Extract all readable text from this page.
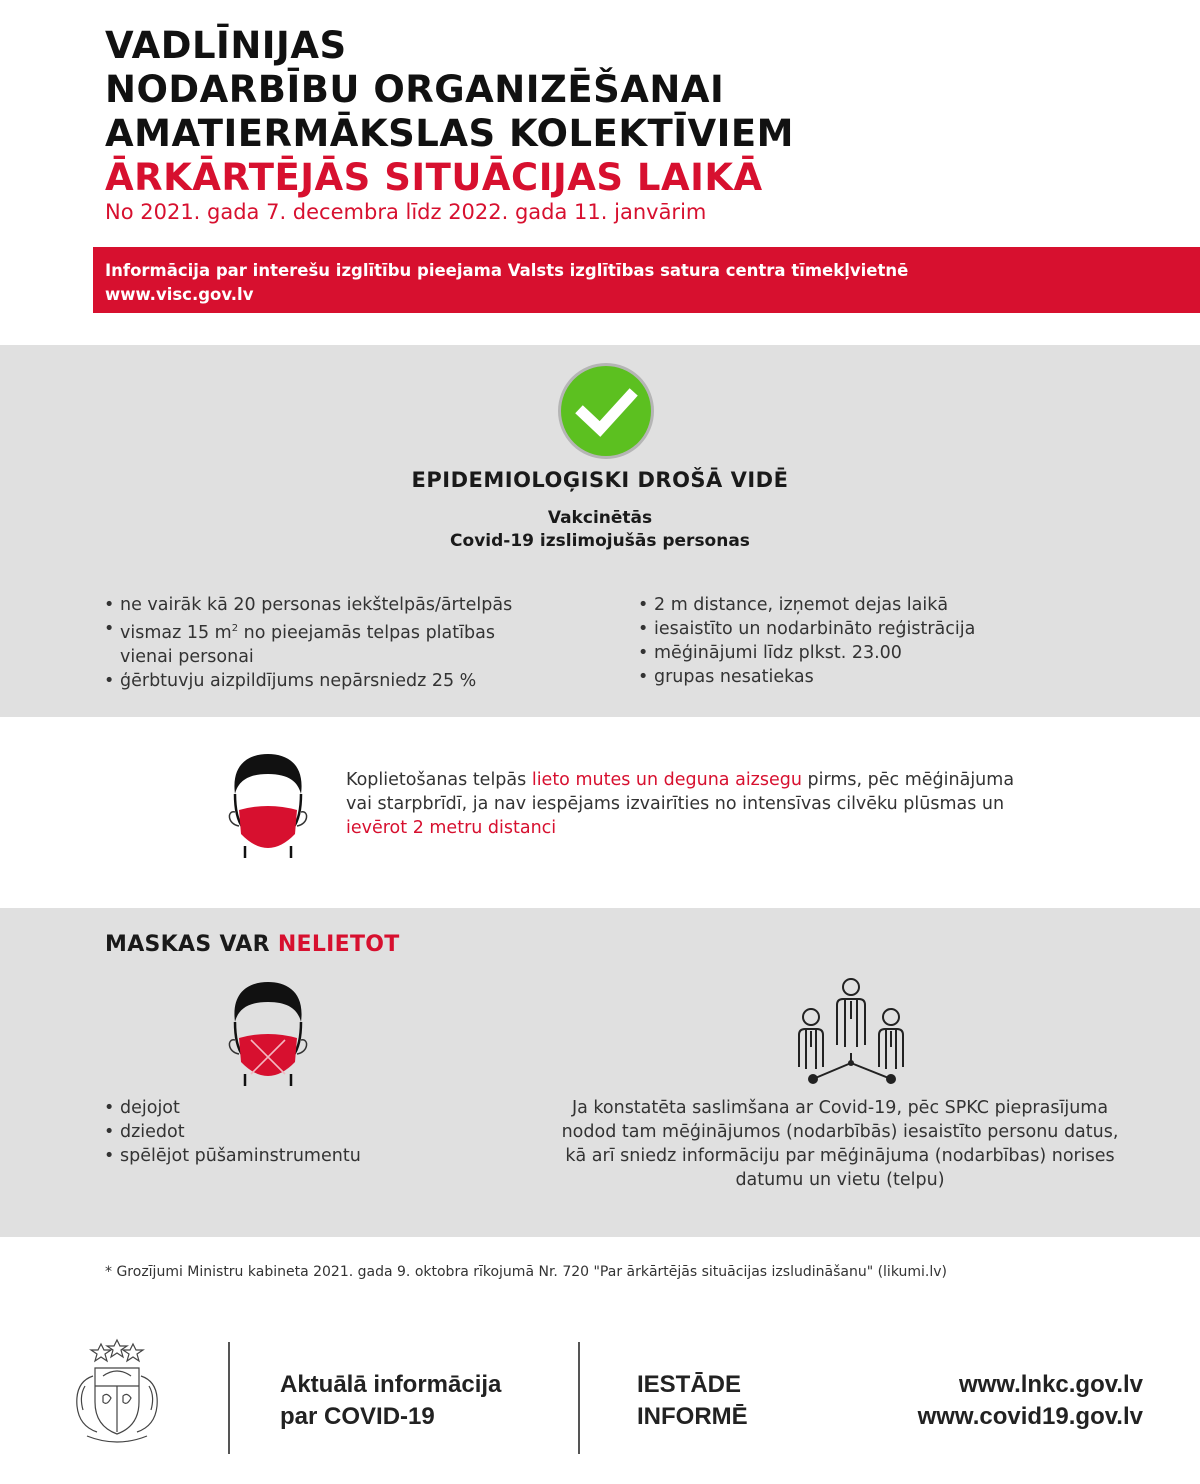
VADLĪNIJAS
NODARBĪBU ORGANIZĒŠANAI
AMATIERMĀKSLAS KOLEKTĪVIEM
ĀRKĀRTĒJĀS SITUĀCIJAS LAIKĀ
No 2021. gada 7. decembra līdz 2022. gada 11. janvārim
Informācija par interešu izglītību pieejama Valsts izglītības satura centra tīmekļvietnē
www.visc.gov.lv
EPIDEMIOLOĢISKI DROŠĀ VIDĒ
Vakcinētās
Covid-19 izslimojušās personas
• ne vairāk kā 20 personas iekštelpās/ārtelpās
• vismaz 15 $m^2$ no pieejamās telpas platības
vienai personai
• ģērbtuvju aizpildījums nepārsniedz 25 %
• 2 m distance, izņemot dejas laikā
• iesaistīto un nodarbināto reģistrācija
• mēģinājumi līdz plkst. 23.00
• grupas nesatiekas
Koplietošanas telpās lieto mutes un deguna aizsegu pirms, pēc mēģinājuma
vai starpbrīdī, ja nav iespējams izvairīties no intensīvas cilvēku plūsmas un
ievērot 2 metru distanci
MASKAS VAR NELIETOT
• dejojot
• dziedot
• spēlējot pūšaminstrumentu
Ja konstatēta saslimšana ar Covid-19, pēc SPKC pieprasījuma
nodod tam mēģinājumos (nodarbībās) iesaistīto personu datus,
kā arī sniedz informāciju par mēģinājuma (nodarbības) norises
datumu un vietu (telpu)
* Grozījumi Ministru kabineta 2021. gada 9. oktobra rīkojumā Nr. 720 "Par ārkārtējās situācijas izsludināšanu" (likumi.lv)
Aktuālā informācija
par COVID-19
IESTĀDE
INFORMĒ
www.lnkc.gov.lv
www.covid19.gov.lv
